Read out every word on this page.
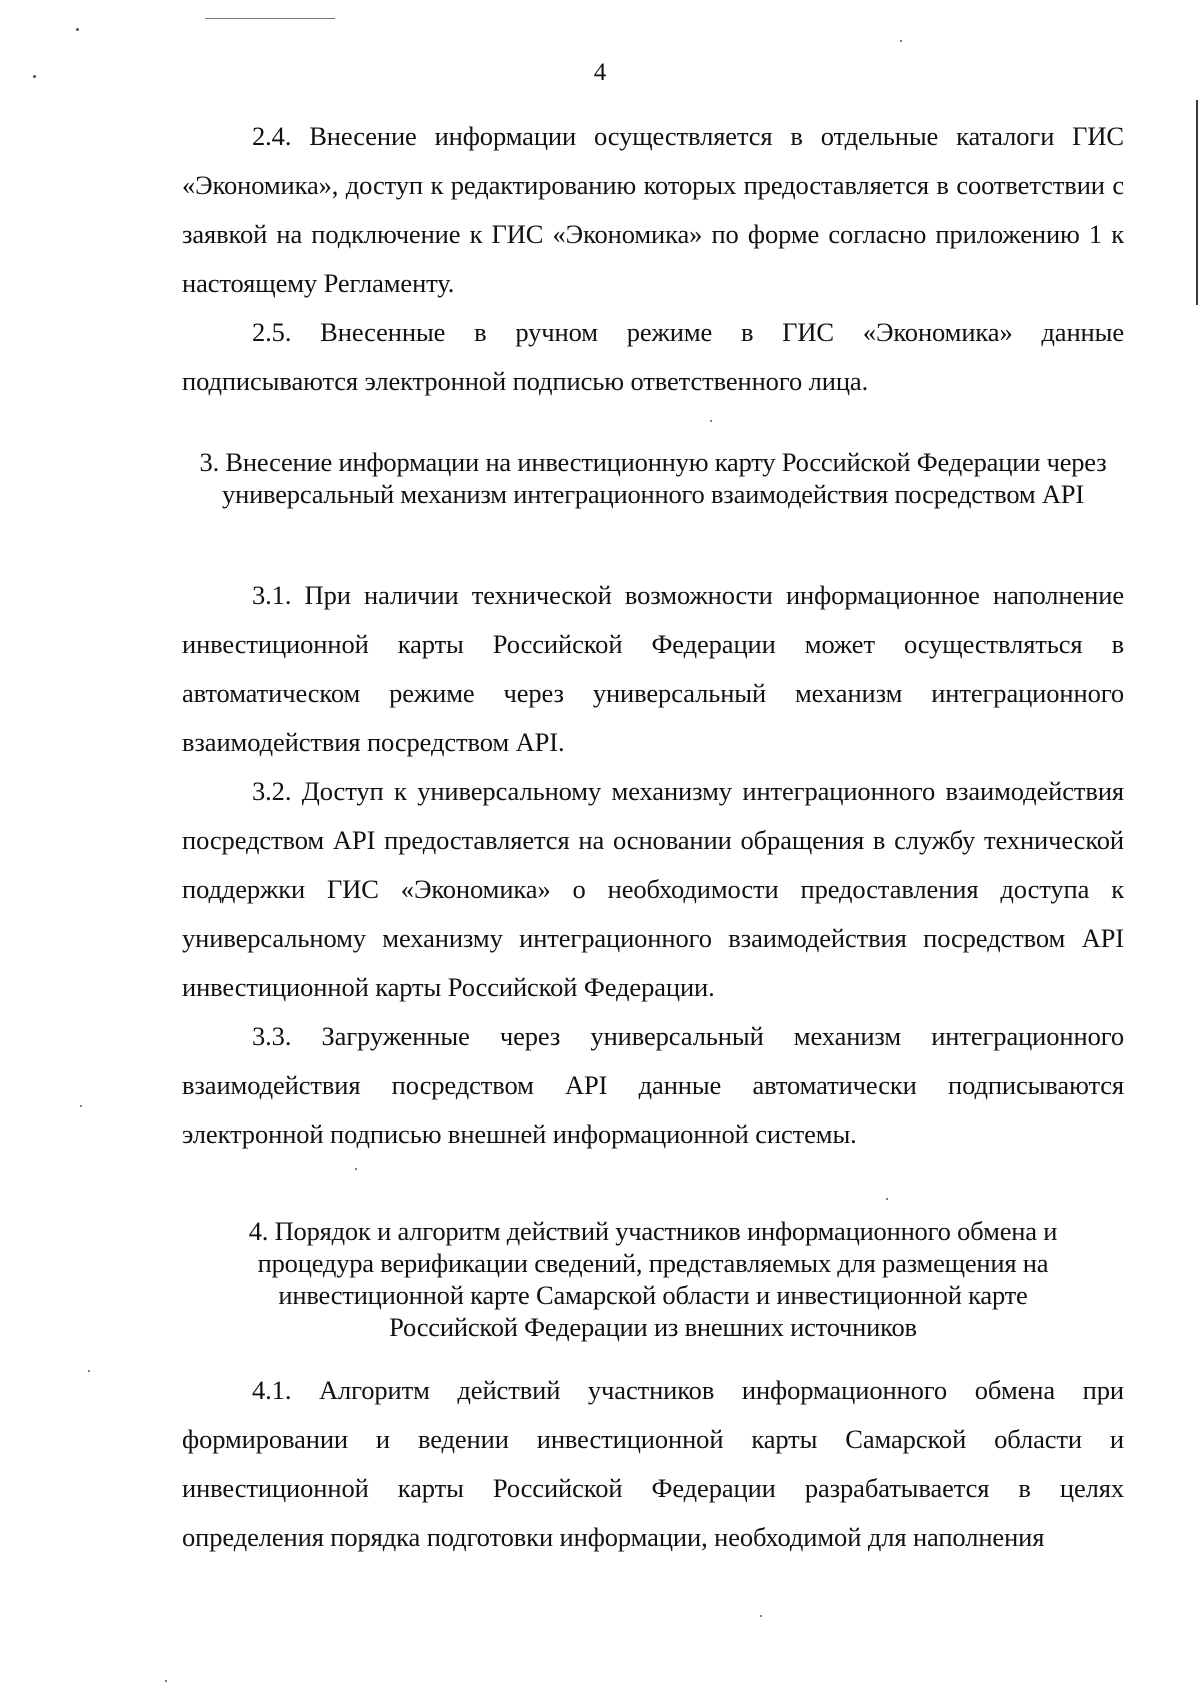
4

2.4. Внесение информации осуществляется в отдельные каталоги ГИС «Экономика», доступ к редактированию которых предоставляется в соответствии с заявкой на подключение к ГИС «Экономика» по форме согласно приложению 1 к настоящему Регламенту.

2.5. Внесенные в ручном режиме в ГИС «Экономика» данные подписываются электронной подписью ответственного лица.

3. Внесение информации на инвестиционную карту Российской Федерации через универсальный механизм интеграционного взаимодействия посредством API

3.1. При наличии технической возможности информационное наполнение инвестиционной карты Российской Федерации может осуществляться в автоматическом режиме через универсальный механизм интеграционного взаимодействия посредством API.

3.2. Доступ к универсальному механизму интеграционного взаимодействия посредством API предоставляется на основании обращения в службу технической поддержки ГИС «Экономика» о необходимости предоставления доступа к универсальному механизму интеграционного взаимодействия посредством API инвестиционной карты Российской Федерации.

3.3. Загруженные через универсальный механизм интеграционного взаимодействия посредством API данные автоматически подписываются электронной подписью внешней информационной системы.

4. Порядок и алгоритм действий участников информационного обмена и процедура верификации сведений, представляемых для размещения на инвестиционной карте Самарской области и инвестиционной карте Российской Федерации из внешних источников

4.1. Алгоритм действий участников информационного обмена при формировании и ведении инвестиционной карты Самарской области и инвестиционной карты Российской Федерации разрабатывается в целях определения порядка подготовки информации, необходимой для наполнения
